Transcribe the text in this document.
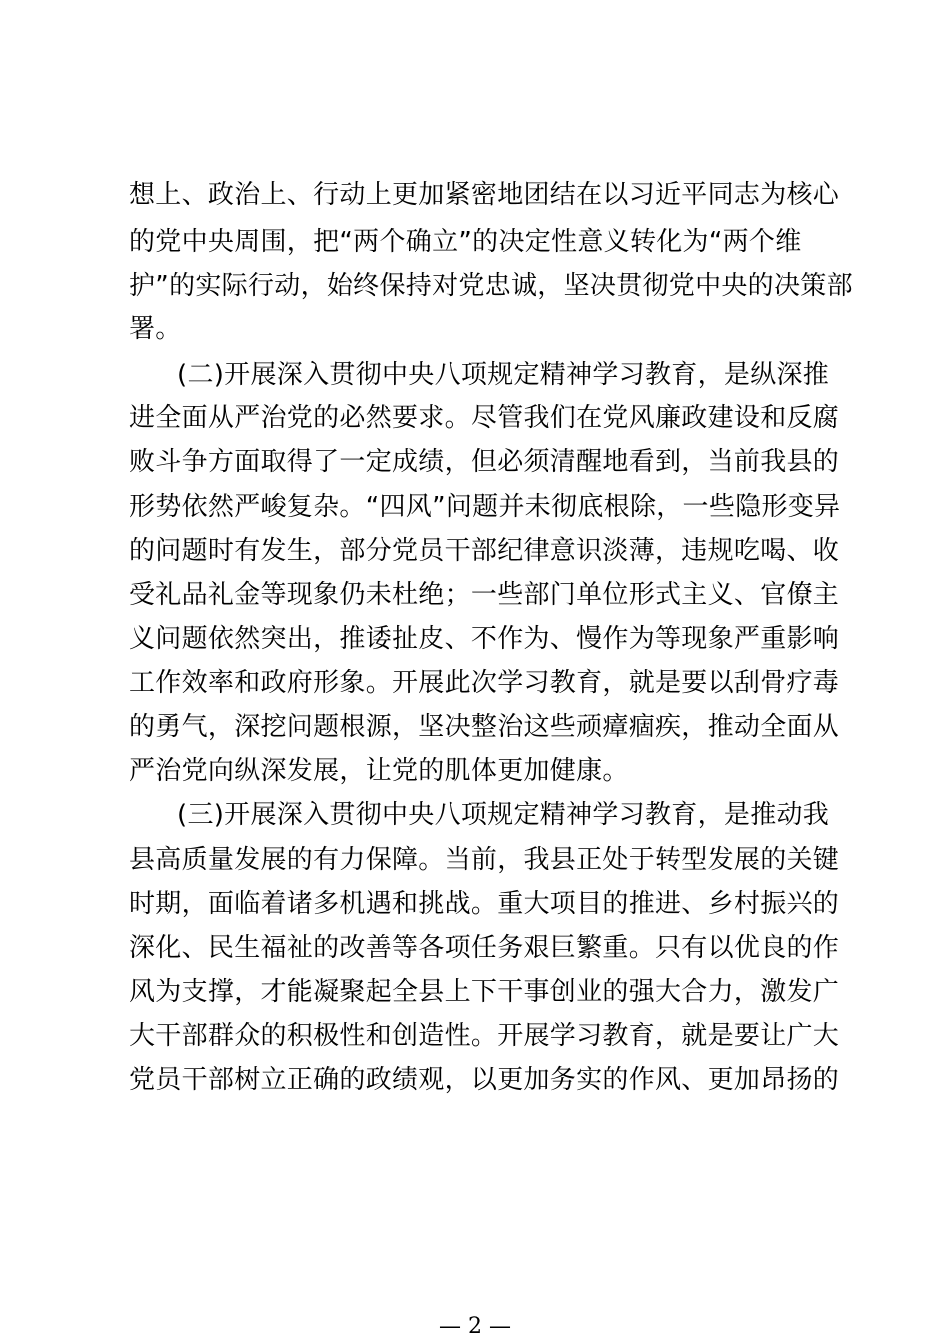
想上、政治上、行动上更加紧密地团结在以习近平同志为核心
的党中央周围，把“两个确立”的决定性意义转化为“两个维
护”的实际行动，始终保持对党忠诚，坚决贯彻党中央的决策部
署。
(二)开展深入贯彻中央八项规定精神学习教育，是纵深推
进全面从严治党的必然要求。尽管我们在党风廉政建设和反腐
败斗争方面取得了一定成绩，但必须清醒地看到，当前我县的
形势依然严峻复杂。“四风”问题并未彻底根除，一些隐形变异
的问题时有发生，部分党员干部纪律意识淡薄，违规吃喝、收
受礼品礼金等现象仍未杜绝；一些部门单位形式主义、官僚主
义问题依然突出，推诿扯皮、不作为、慢作为等现象严重影响
工作效率和政府形象。开展此次学习教育，就是要以刮骨疗毒
的勇气，深挖问题根源，坚决整治这些顽瘴痼疾，推动全面从
严治党向纵深发展，让党的肌体更加健康。
(三)开展深入贯彻中央八项规定精神学习教育，是推动我
县高质量发展的有力保障。当前，我县正处于转型发展的关键
时期，面临着诸多机遇和挑战。重大项目的推进、乡村振兴的
深化、民生福祉的改善等各项任务艰巨繁重。只有以优良的作
风为支撑，才能凝聚起全县上下干事创业的强大合力，激发广
大干部群众的积极性和创造性。开展学习教育，就是要让广大
党员干部树立正确的政绩观，以更加务实的作风、更加昂扬的
— 2 —
